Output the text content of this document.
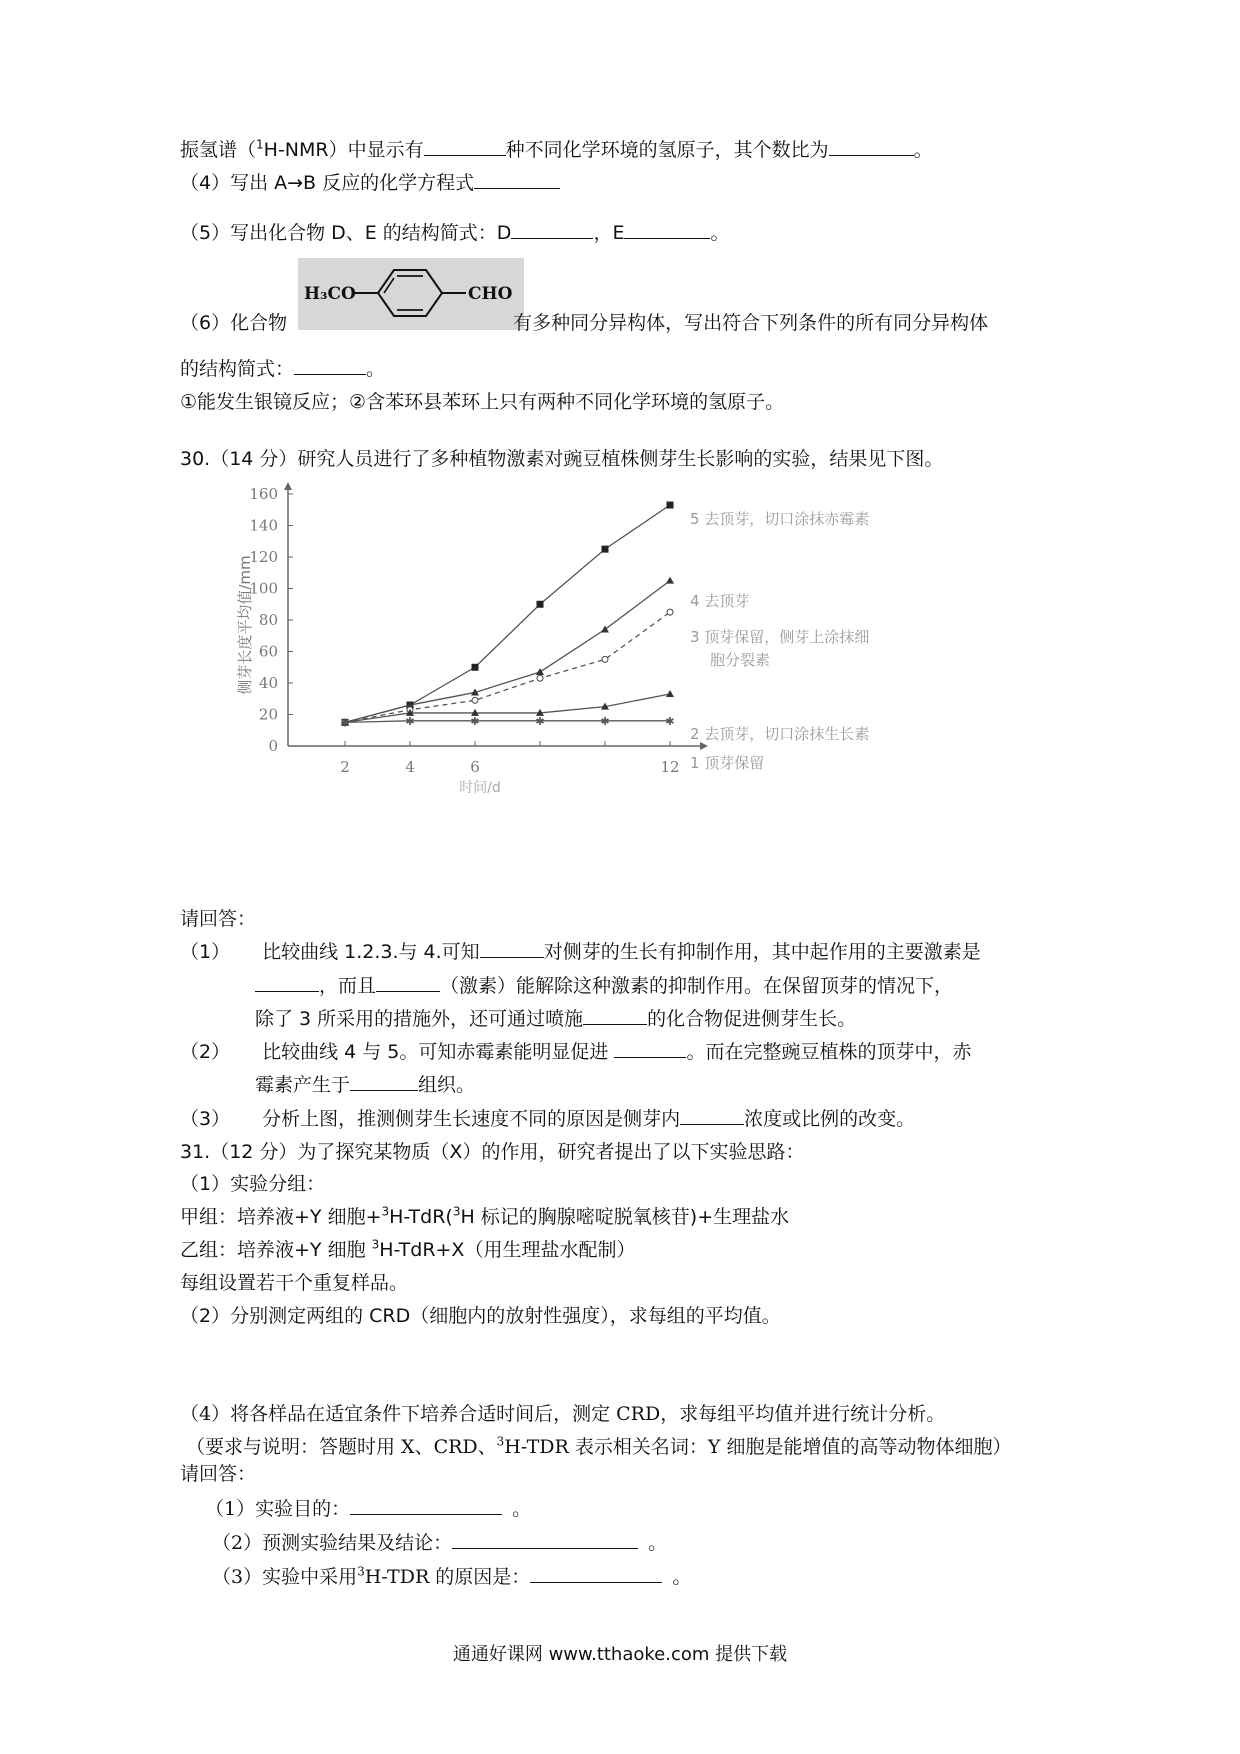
振氢谱（$^1$H-NMR）中显示有	种不同化学环境的氢原子，其个数比为	。
（4）写出 A→B 反应的化学方程式
（5）写出化合物 D、E 的结构简式：D	，E	。
H₃CO	CHO
（6）化合物	有多种同分异构体，写出符合下列条件的所有同分异构体
的结构简式：	。
①能发生银镜反应；②含苯环县苯环上只有两种不同化学环境的氢原子。
30.（14 分）研究人员进行了多种植物激素对豌豆植株侧芽生长影响的实验，结果见下图。
0
20
40
60
80
100
120
140
160
2	4	6	12
时间/d
侧芽长度平均值/mm
5 去顶芽，切口涂抹赤霉素
4 去顶芽
3 顶芽保留，侧芽上涂抹细
胞分裂素
2 去顶芽，切口涂抹生长素
✱	✱	✱	✱	✱	✱
1 顶芽保留
请回答：
（1） 比较曲线 1.2.3.与 4.可知	对侧芽的生长有抑制作用，其中起作用的主要激素是
，而且	（激素）能解除这种激素的抑制作用。在保留顶芽的情况下，
除了 3 所采用的措施外，还可通过喷施	的化合物促进侧芽生长。
（2） 比较曲线 4 与 5。可知赤霉素能明显促进	。而在完整豌豆植株的顶芽中，赤
霉素产生于	组织。
（3） 分析上图，推测侧芽生长速度不同的原因是侧芽内	浓度或比例的改变。
31.（12 分）为了探究某物质（X）的作用，研究者提出了以下实验思路：
（1）实验分组：
甲组：培养液+Y 细胞+$^3$H-TdR($^3$H 标记的胸腺嘧啶脱氧核苷)+生理盐水
乙组：培养液+Y 细胞 $^3$H-TdR+X（用生理盐水配制）
每组设置若干个重复样品。
（2）分别测定两组的 CRD（细胞内的放射性强度），求每组的平均值。
（4）将各样品在适宜条件下培养合适时间后，测定 CRD，求每组平均值并进行统计分析。
（要求与说明：答题时用 X、CRD、$^3$H-TDR 表示相关名词：Y 细胞是能增值的高等动物体细胞）
请回答：
（1）实验目的：	。
（2）预测实验结果及结论：	。
（3）实验中采用$^3$H-TDR 的原因是：	。
通通好课网 www.tthaoke.com 提供下载
